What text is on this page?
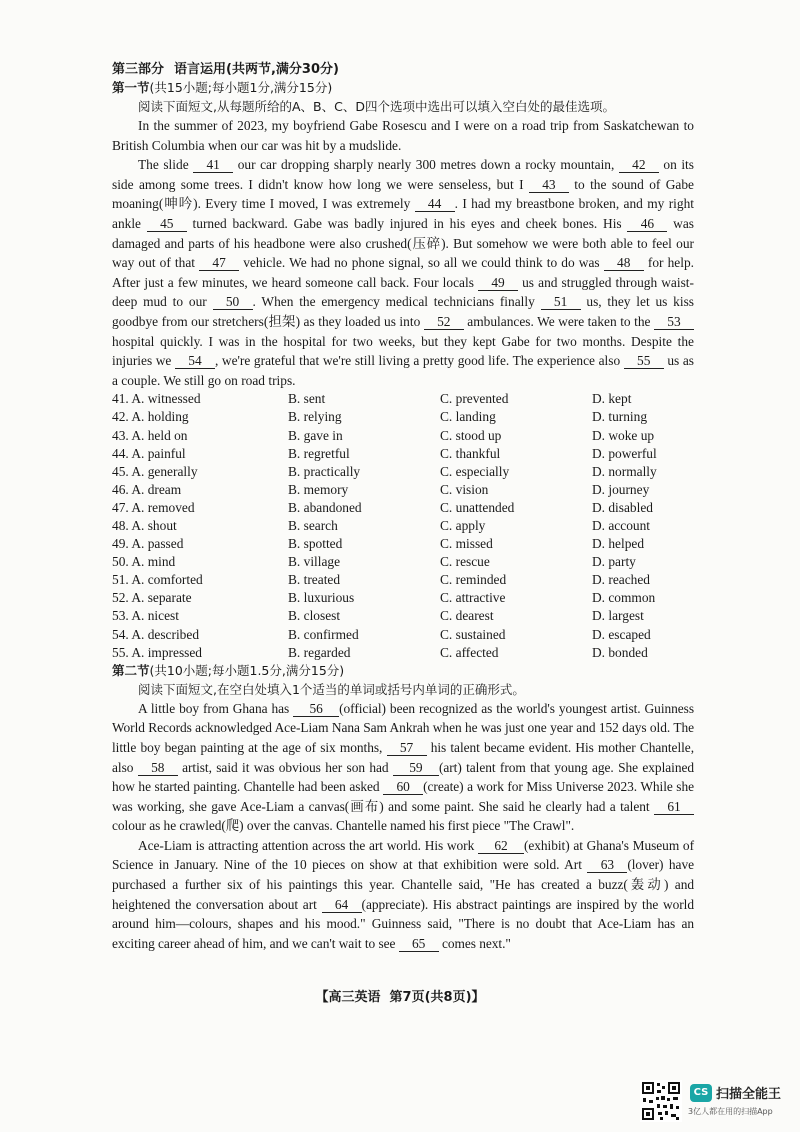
第三部分 语言运用(共两节,满分30分)
第一节(共15小题;每小题1分,满分15分)

阅读下面短文,从每题所给的A、B、C、D四个选项中选出可以填入空白处的最佳选项。

In the summer of 2023, my boyfriend Gabe Rosescu and I were on a road trip from Saskatchewan to British Columbia when our car was hit by a mudslide.

The slide 41 our car dropping sharply nearly 300 metres down a rocky mountain, 42 on its side among some trees. I didn't know how long we were senseless, but I 43 to the sound of Gabe moaning(呻吟). Every time I moved, I was extremely 44 . I had my breastbone broken, and my right ankle 45 turned backward. Gabe was badly injured in his eyes and cheek bones. His 46 was damaged and parts of his headbone were also crushed(压碎). But somehow we were both able to feel our way out of that 47 vehicle. We had no phone signal, so all we could think to do was 48 for help. After just a few minutes, we heard someone call back. Four locals 49 us and struggled through waist-deep mud to our 50 . When the emergency medical technicians finally 51 us, they let us kiss goodbye from our stretchers(担架) as they loaded us into 52 ambulances. We were taken to the 53 hospital quickly. I was in the hospital for two weeks, but they kept Gabe for two months. Despite the injuries we 54 , we're grateful that we're still living a pretty good life. The experience also 55 us as a couple. We still go on road trips.

41. A. witnessed	B. sent	C. prevented	D. kept
42. A. holding	B. relying	C. landing	D. turning
43. A. held on	B. gave in	C. stood up	D. woke up
44. A. painful	B. regretful	C. thankful	D. powerful
45. A. generally	B. practically	C. especially	D. normally
46. A. dream	B. memory	C. vision	D. journey
47. A. removed	B. abandoned	C. unattended	D. disabled
48. A. shout	B. search	C. apply	D. account
49. A. passed	B. spotted	C. missed	D. helped
50. A. mind	B. village	C. rescue	D. party
51. A. comforted	B. treated	C. reminded	D. reached
52. A. separate	B. luxurious	C. attractive	D. common
53. A. nicest	B. closest	C. dearest	D. largest
54. A. described	B. confirmed	C. sustained	D. escaped
55. A. impressed	B. regarded	C. affected	D. bonded
第二节(共10小题;每小题1.5分,满分15分)

阅读下面短文,在空白处填入1个适当的单词或括号内单词的正确形式。

A little boy from Ghana has 56 (official) been recognized as the world's youngest artist. Guinness World Records acknowledged Ace-Liam Nana Sam Ankrah when he was just one year and 152 days old. The little boy began painting at the age of six months, 57 his talent became evident. His mother Chantelle, also 58 artist, said it was obvious her son had 59 (art) talent from that young age. She explained how he started painting. Chantelle had been asked 60 (create) a work for Miss Universe 2023. While she was working, she gave Ace-Liam a canvas(画布) and some paint. She said he clearly had a talent 61 colour as he crawled(爬) over the canvas. Chantelle named his first piece "The Crawl".

Ace-Liam is attracting attention across the art world. His work 62 (exhibit) at Ghana's Museum of Science in January. Nine of the 10 pieces on show at that exhibition were sold. Art 63 (lover) have purchased a further six of his paintings this year. Chantelle said, "He has created a buzz(轰动) and heightened the conversation about art 64 (appreciate). His abstract paintings are inspired by the world around him—colours, shapes and his mood." Guinness said, "There is no doubt that Ace-Liam has an exciting career ahead of him, and we can't wait to see 65 comes next."

【高三英语 第7页(共8页)】
CS 扫描全能王
3亿人都在用的扫描App
